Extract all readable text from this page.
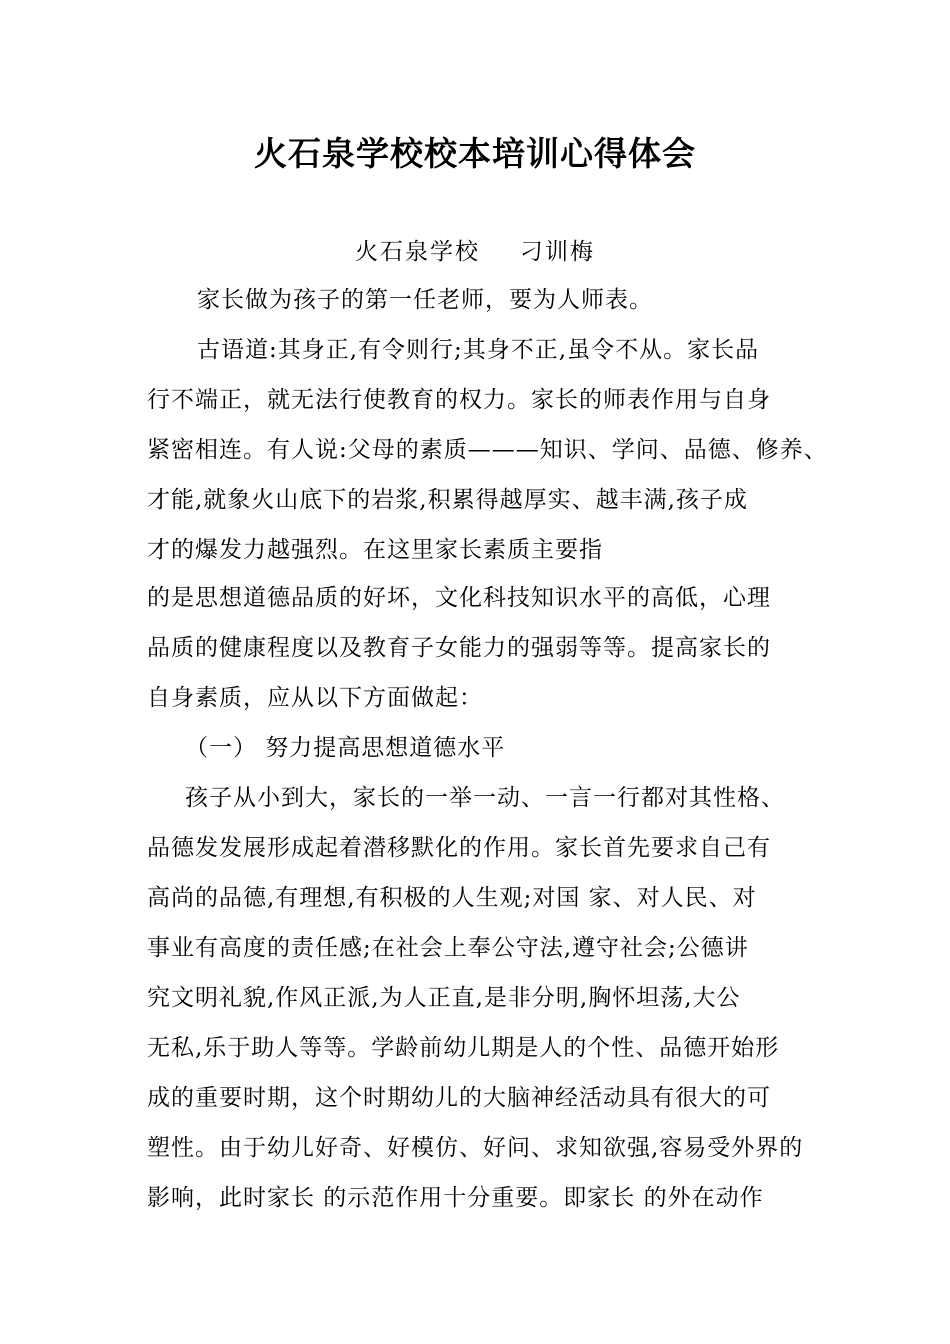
火石泉学校校本培训心得体会
火石泉学校 刁训梅
家长做为孩子的第一任老师，要为人师表。
古语道:其身正,有令则行;其身不正,虽令不从。家长品
行不端正，就无法行使教育的权力。家长的师表作用与自身
紧密相连。有人说:父母的素质———知识、学问、品德、修养、
才能,就象火山底下的岩浆,积累得越厚实、越丰满,孩子成
才的爆发力越强烈。在这里家长素质主要指
的是思想道德品质的好坏，文化科技知识水平的高低，心理
品质的健康程度以及教育子女能力的强弱等等。提高家长的
自身素质，应从以下方面做起：
（一） 努力提高思想道德水平
孩子从小到大，家长的一举一动、一言一行都对其性格、
品德发发展形成起着潜移默化的作用。家长首先要求自己有
高尚的品德,有理想,有积极的人生观;对国 家、对人民、对
事业有高度的责任感;在社会上奉公守法,遵守社会;公德讲
究文明礼貌,作风正派,为人正直,是非分明,胸怀坦荡,大公
无私,乐于助人等等。学龄前幼儿期是人的个性、品德开始形
成的重要时期，这个时期幼儿的大脑神经活动具有很大的可
塑性。由于幼儿好奇、好模仿、好问、求知欲强,容易受外界的
影响，此时家长 的示范作用十分重要。即家长 的外在动作
